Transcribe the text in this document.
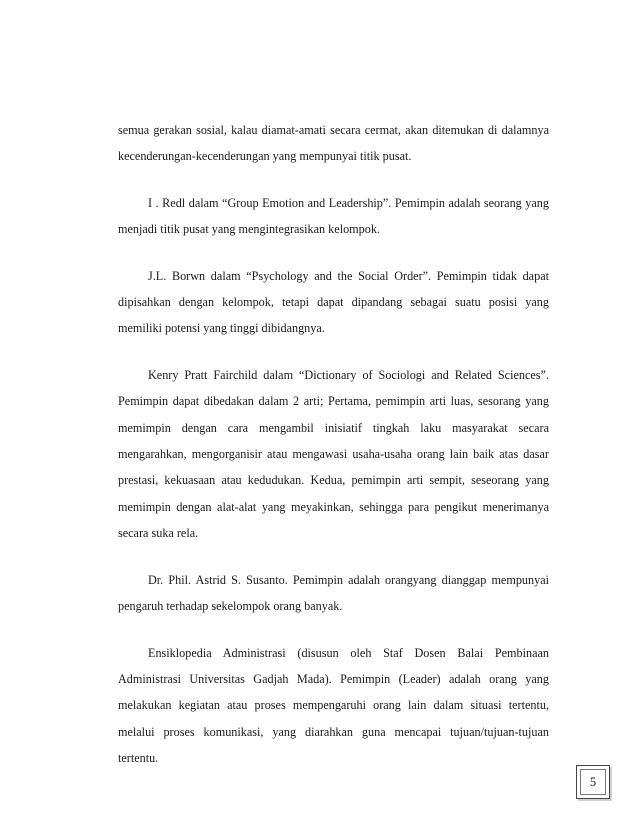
semua gerakan sosial, kalau diamat-amati secara cermat, akan ditemukan di dalamnya kecenderungan-kecenderungan yang mempunyai titik pusat.

I . Redl dalam “Group Emotion and Leadership”. Pemimpin adalah seorang yang menjadi titik pusat yang mengintegrasikan kelompok.

J.L. Borwn dalam “Psychology and the Social Order”. Pemimpin tidak dapat dipisahkan dengan kelompok, tetapi dapat dipandang sebagai suatu posisi yang memiliki potensi yang tinggi dibidangnya.

Kenry Pratt Fairchild dalam “Dictionary of Sociologi and Related Sciences”. Pemimpin dapat dibedakan dalam 2 arti; Pertama, pemimpin arti luas, sesorang yang memimpin dengan cara mengambil inisiatif tingkah laku masyarakat secara mengarahkan, mengorganisir atau mengawasi usaha-usaha orang lain baik atas dasar prestasi, kekuasaan atau kedudukan. Kedua, pemimpin arti sempit, seseorang yang memimpin dengan alat-alat yang meyakinkan, sehingga para pengikut menerimanya secara suka rela.

Dr. Phil. Astrid S. Susanto. Pemimpin adalah orangyang dianggap mempunyai pengaruh terhadap sekelompok orang banyak.

Ensiklopedia Administrasi (disusun oleh Staf Dosen Balai Pembinaan Administrasi Universitas Gadjah Mada). Pemimpin (Leader) adalah orang yang melakukan kegiatan atau proses mempengaruhi orang lain dalam situasi tertentu, melalui proses komunikasi, yang diarahkan guna mencapai tujuan/tujuan-tujuan tertentu.

5
